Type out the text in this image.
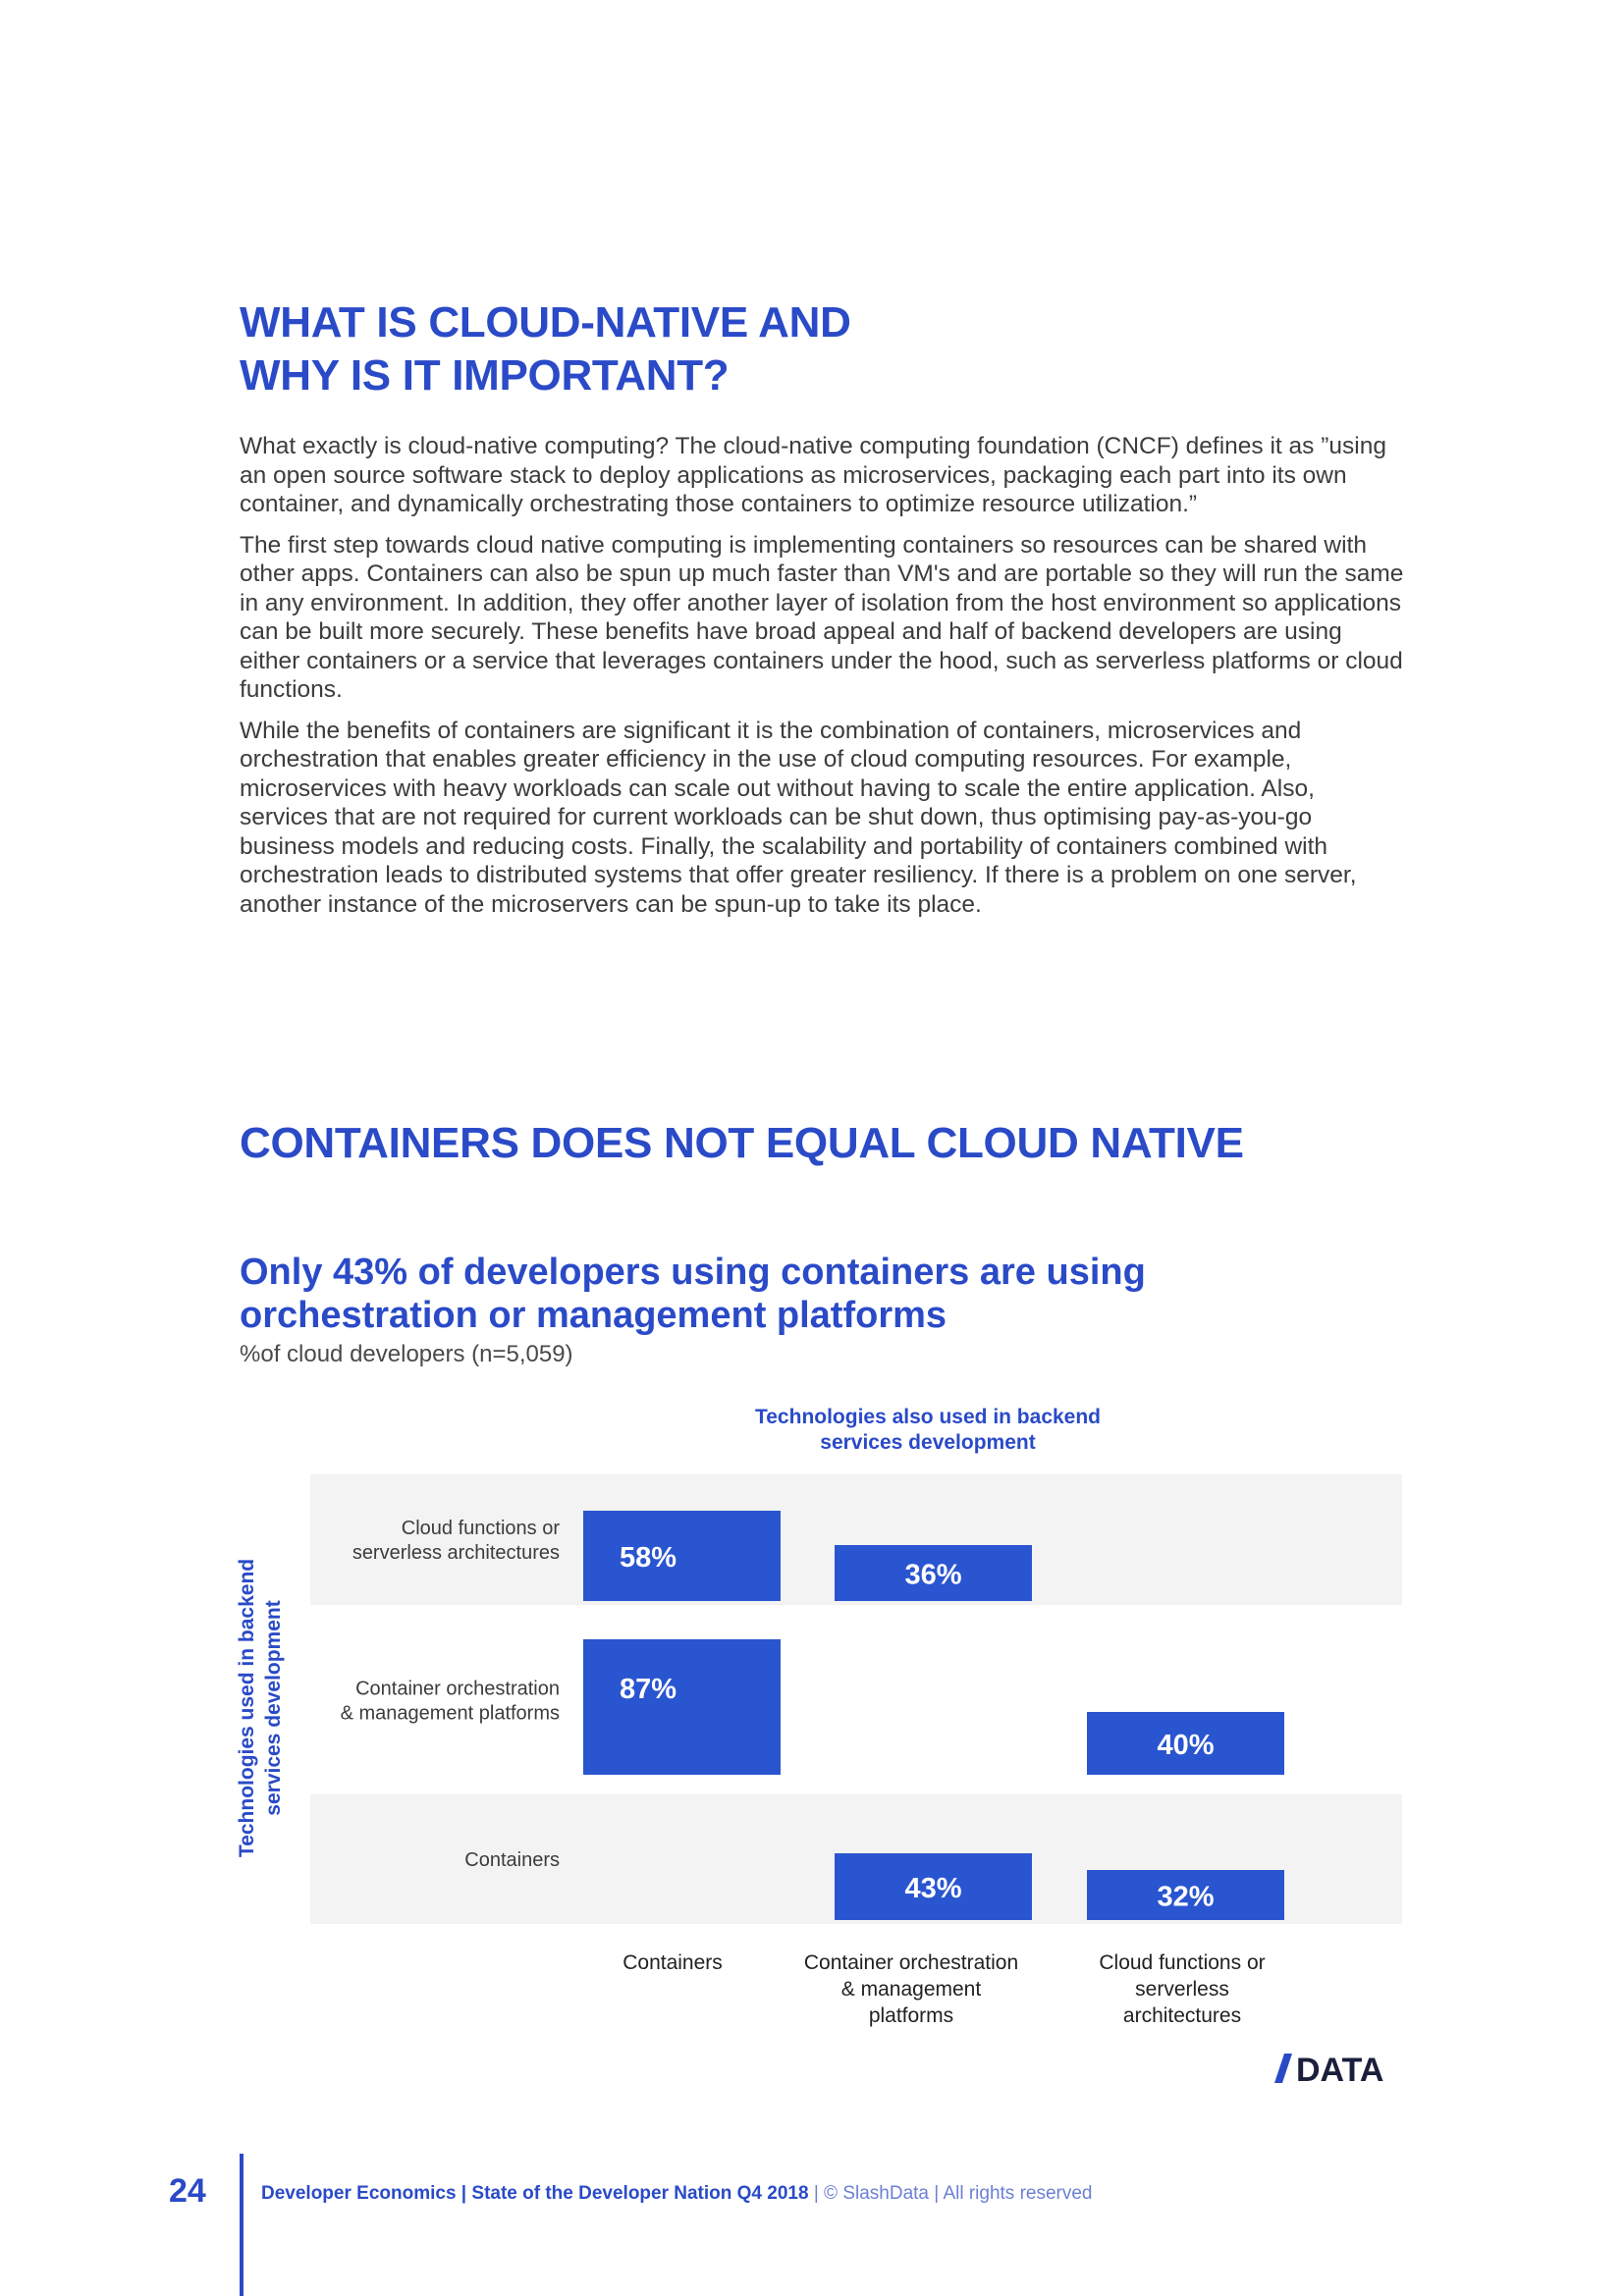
WHAT IS CLOUD-NATIVE AND
WHY IS IT IMPORTANT?

What exactly is cloud-native computing? The cloud-native computing foundation (CNCF) defines it as ”using an open source software stack to deploy applications as microservices, packaging each part into its own container, and dynamically orchestrating those containers to optimize resource utilization.”

The first step towards cloud native computing is implementing containers so resources can be shared with other apps. Containers can also be spun up much faster than VM's and are portable so they will run the same in any environment. In addition, they offer another layer of isolation from the host environment so applications can be built more securely. These benefits have broad appeal and half of backend developers are using either containers or a service that leverages containers under the hood, such as serverless platforms or cloud functions.

While the benefits of containers are significant it is the combination of containers, microservices and orchestration that enables greater efficiency in the use of cloud computing resources. For example, microservices with heavy workloads can scale out without having to scale the entire application. Also, services that are not required for current workloads can be shut down, thus optimising pay-as-you-go business models and reducing costs. Finally, the scalability and portability of containers combined with orchestration leads to distributed systems that offer greater resiliency. If there is a problem on one server, another instance of the microservers can be spun-up to take its place.

CONTAINERS DOES NOT EQUAL CLOUD NATIVE
Only 43% of developers using containers are using
orchestration or management platforms
%of cloud developers (n=5,059)
Technologies also used in backend
services development
Cloud functions or
serverless architectures
Container orchestration
& management platforms
Containers
Technologies used in backend services development
58%
36%
87%
40%
43%	32%
Containers	Container orchestration
& management
platforms
Cloud functions or
serverless
architectures
DATA
24	Developer Economics | State of the Developer Nation Q4 2018 | © SlashData | All rights reserved
